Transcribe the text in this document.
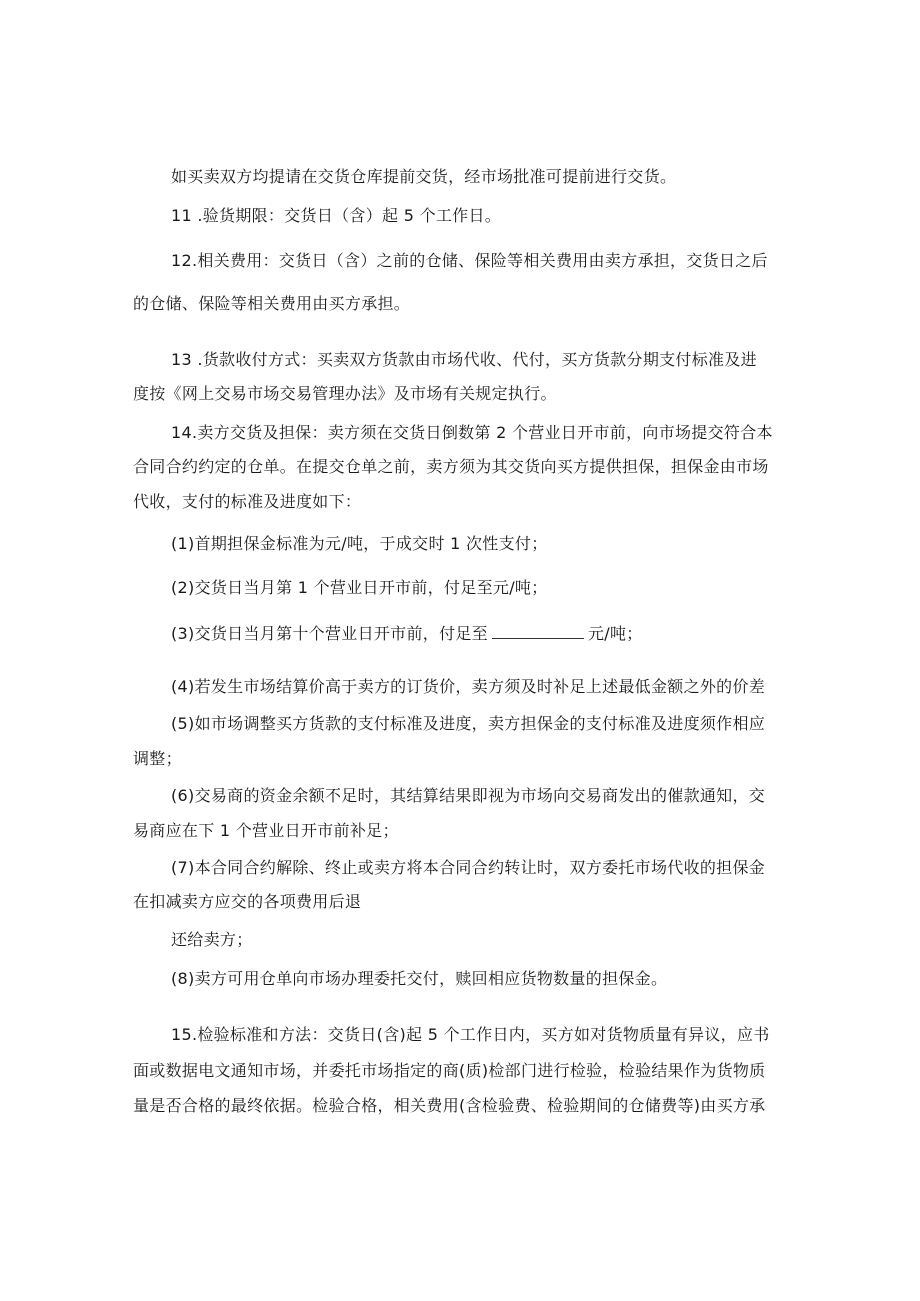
如买卖双方均提请在交货仓库提前交货，经市场批准可提前进行交货。
11 .验货期限：交货日（含）起 5 个工作日。
12.相关费用：交货日（含）之前的仓储、保险等相关费用由卖方承担，交货日之后
的仓储、保险等相关费用由买方承担。
13 .货款收付方式：买卖双方货款由市场代收、代付，买方货款分期支付标准及进
度按《网上交易市场交易管理办法》及市场有关规定执行。
14.卖方交货及担保：卖方须在交货日倒数第 2 个营业日开市前，向市场提交符合本
合同合约约定的仓单。在提交仓单之前，卖方须为其交货向买方提供担保，担保金由市场
代收，支付的标准及进度如下：
(1)首期担保金标准为元/吨，于成交时 1 次性支付；
(2)交货日当月第 1 个营业日开市前，付足至元/吨；
(3)交货日当月第十个营业日开市前，付足至	元/吨；
(4)若发生市场结算价高于卖方的订货价，卖方须及时补足上述最低金额之外的价差
(5)如市场调整买方货款的支付标准及进度，卖方担保金的支付标准及进度须作相应
调整；
(6)交易商的资金余额不足时，其结算结果即视为市场向交易商发出的催款通知，交
易商应在下 1 个营业日开市前补足；
(7)本合同合约解除、终止或卖方将本合同合约转让时，双方委托市场代收的担保金
在扣减卖方应交的各项费用后退
还给卖方；
(8)卖方可用仓单向市场办理委托交付，赎回相应货物数量的担保金。
15.检验标准和方法：交货日(含)起 5 个工作日内，买方如对货物质量有异议，应书
面或数据电文通知市场，并委托市场指定的商(质)检部门进行检验，检验结果作为货物质
量是否合格的最终依据。检验合格，相关费用(含检验费、检验期间的仓储费等)由买方承
